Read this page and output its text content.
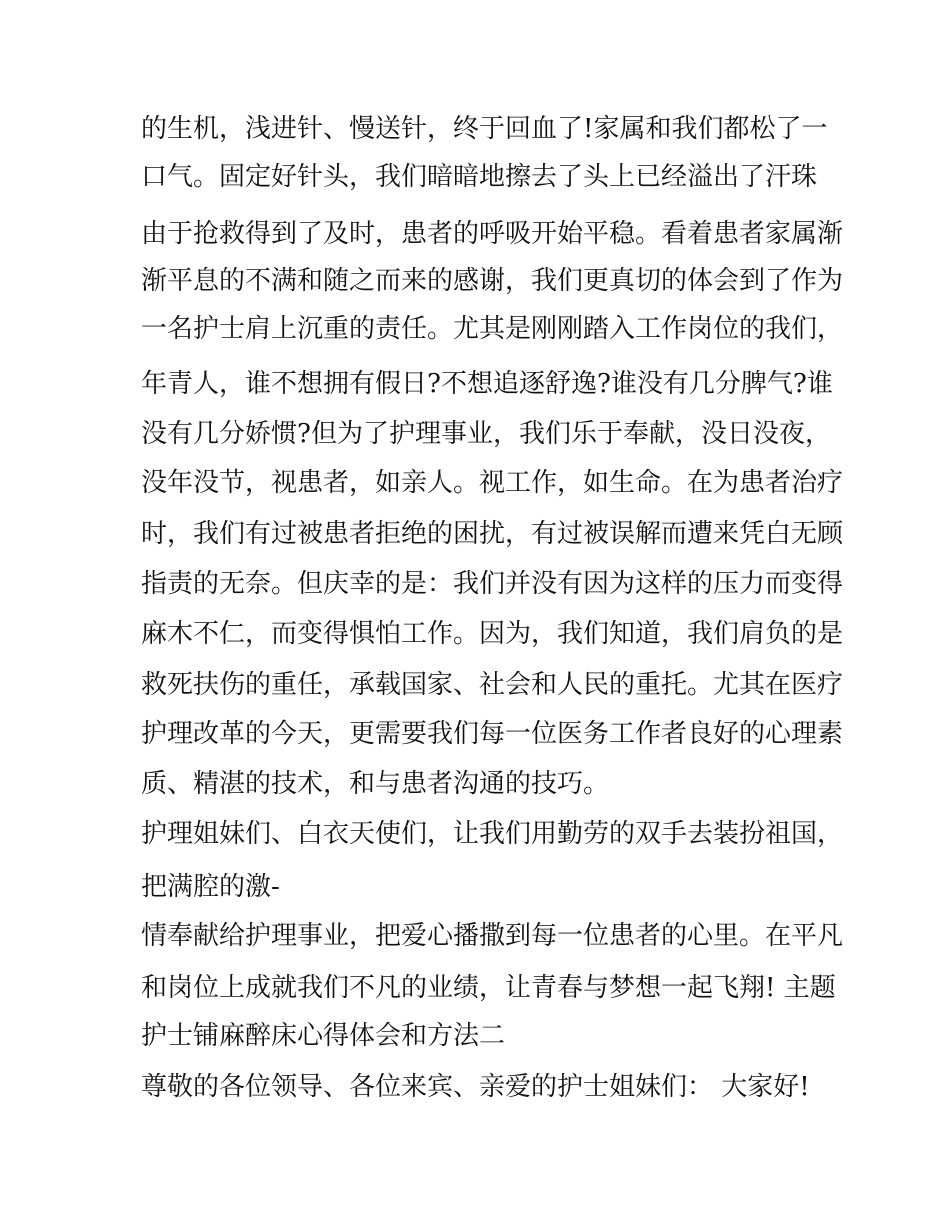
的生机，浅进针、慢送针，终于回血了!家属和我们都松了一
口气。固定好针头，我们暗暗地擦去了头上已经溢出了汗珠
由于抢救得到了及时，患者的呼吸开始平稳。看着患者家属渐
渐平息的不满和随之而来的感谢，我们更真切的体会到了作为
一名护士肩上沉重的责任。尤其是刚刚踏入工作岗位的我们，
年青人，谁不想拥有假日?不想追逐舒逸?谁没有几分脾气?谁
没有几分娇惯?但为了护理事业，我们乐于奉献，没日没夜，
没年没节，视患者，如亲人。视工作，如生命。在为患者治疗
时，我们有过被患者拒绝的困扰，有过被误解而遭来凭白无顾
指责的无奈。但庆幸的是：我们并没有因为这样的压力而变得
麻木不仁，而变得惧怕工作。因为，我们知道，我们肩负的是
救死扶伤的重任，承载国家、社会和人民的重托。尤其在医疗
护理改革的今天，更需要我们每一位医务工作者良好的心理素
质、精湛的技术，和与患者沟通的技巧。
护理姐妹们、白衣天使们，让我们用勤劳的双手去装扮祖国，
把满腔的激-
情奉献给护理事业，把爱心播撒到每一位患者的心里。在平凡
和岗位上成就我们不凡的业绩，让青春与梦想一起飞翔! 主题
护士铺麻醉床心得体会和方法二
尊敬的各位领导、各位来宾、亲爱的护士姐妹们： 大家好!
